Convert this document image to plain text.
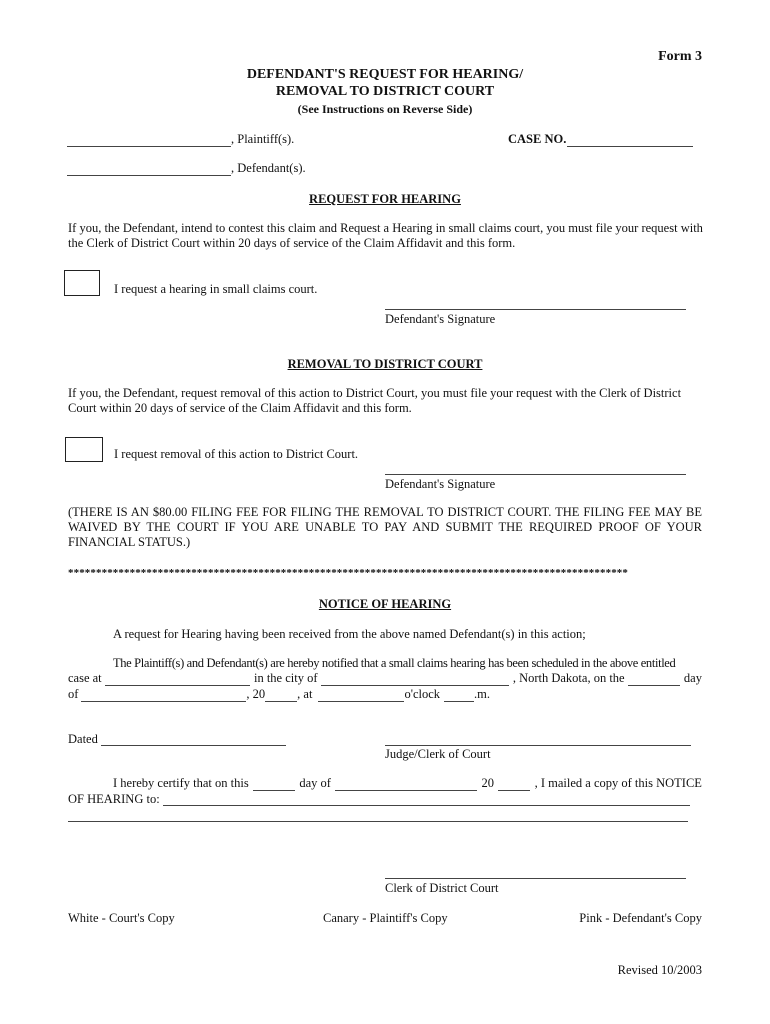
Form 3
DEFENDANT'S REQUEST FOR HEARING/
REMOVAL TO DISTRICT COURT
(See Instructions on Reverse Side)
, Plaintiff(s).	CASE NO.
, Defendant(s).
REQUEST FOR HEARING
If you, the Defendant, intend to contest this claim and Request a Hearing in small claims court, you must file your request with the Clerk of District Court within 20 days of service of the Claim Affidavit and this form.
I request a hearing in small claims court.
Defendant's Signature
REMOVAL TO DISTRICT COURT
If you, the Defendant, request removal of this action to District Court, you must file your request with the Clerk of District Court within 20 days of service of the Claim Affidavit and this form.
I request removal of this action to District Court.
Defendant's Signature
(THERE IS AN $80.00 FILING FEE FOR FILING THE REMOVAL TO DISTRICT COURT. THE FILING FEE MAY BE WAIVED BY THE COURT IF YOU ARE UNABLE TO PAY AND SUBMIT THE REQUIRED PROOF OF YOUR FINANCIAL STATUS.)
****************************************************************************************************
NOTICE OF HEARING
A request for Hearing having been received from the above named Defendant(s) in this action;
The Plaintiff(s) and Defendant(s) are hereby notified that a small claims hearing has been scheduled in the above entitled
case at	in the city of	, North Dakota, on the	day
of	, 20	, at	o'clock	.m.
Dated
Judge/Clerk of Court
I hereby certify that on this	day of	20	, I mailed a copy of this NOTICE
OF HEARING to:
Clerk of District Court
White - Court's Copy	Canary - Plaintiff's Copy	Pink - Defendant's Copy
Revised 10/2003
